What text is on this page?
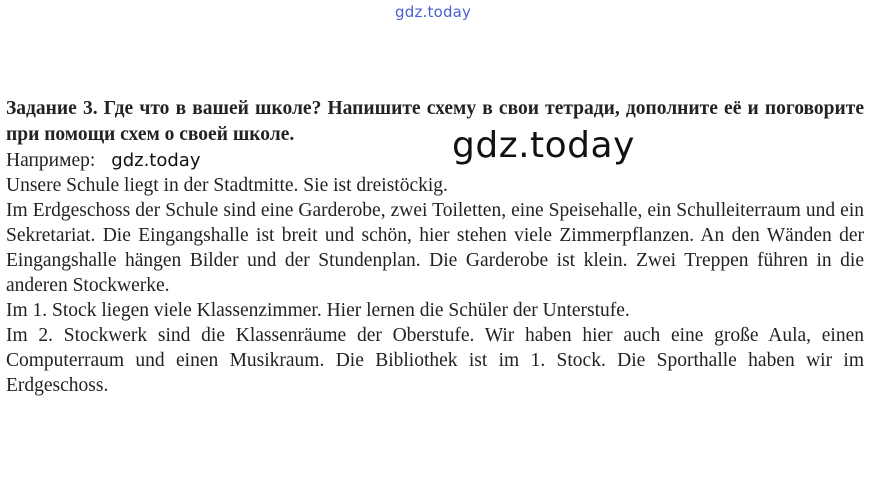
gdz.today

Задание 3. Где что в вашей школе? Напишите схему в свои тетради, дополните её и поговорите при помощи схем о своей школе.

Например: gdz.today

Unsere Schule liegt in der Stadtmitte. Sie ist dreistöckig.

Im Erdgeschoss der Schule sind eine Garderobe, zwei Toiletten, eine Speisehalle, ein Schulleiterraum und ein Sekretariat. Die Eingangshalle ist breit und schön, hier stehen viele Zimmerpflanzen. An den Wänden der Eingangshalle hängen Bilder und der Stundenplan. Die Garderobe ist klein. Zwei Treppen führen in die anderen Stockwerke.

Im 1. Stock liegen viele Klassenzimmer. Hier lernen die Schüler der Unterstufe.

Im 2. Stockwerk sind die Klassenräume der Oberstufe. Wir haben hier auch eine große Aula, einen Computerraum und einen Musikraum. Die Bibliothek ist im 1. Stock. Die Sporthalle haben wir im Erdgeschoss.

gdz.today
